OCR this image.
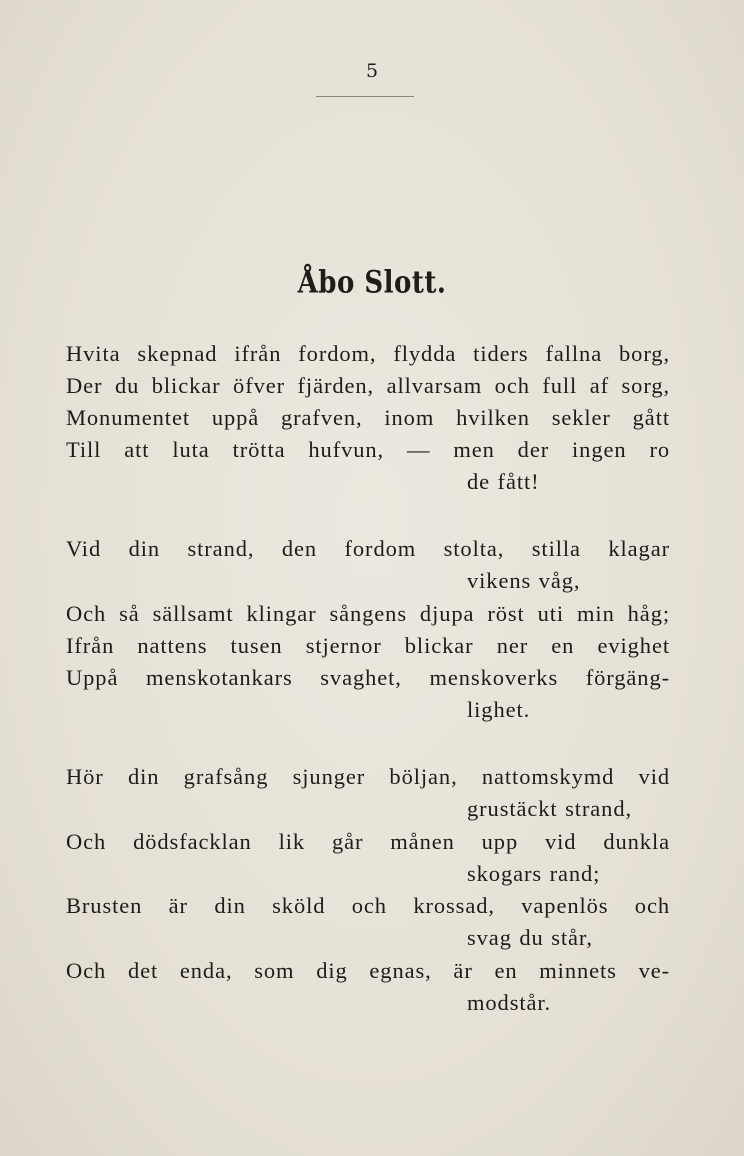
5
Åbo Slott.
Hvita skepnad ifrån fordom, flydda tiders fallna borg,
Der du blickar öfver fjärden, allvarsam och full af sorg,
Monumentet uppå grafven, inom hvilken sekler gått
Till att luta trötta hufvun, — men der ingen ro
de fått!
Vid din strand, den fordom stolta, stilla klagar
vikens våg,
Och så sällsamt klingar sångens djupa röst uti min håg;
Ifrån nattens tusen stjernor blickar ner en evighet
Uppå menskotankars svaghet, menskoverks förgäng-
lighet.
Hör din grafsång sjunger böljan, nattomskymd vid
grustäckt strand,
Och dödsfacklan lik går månen upp vid dunkla
skogars rand;
Brusten är din sköld och krossad, vapenlös och
svag du står,
Och det enda, som dig egnas, är en minnets ve-
modstår.
